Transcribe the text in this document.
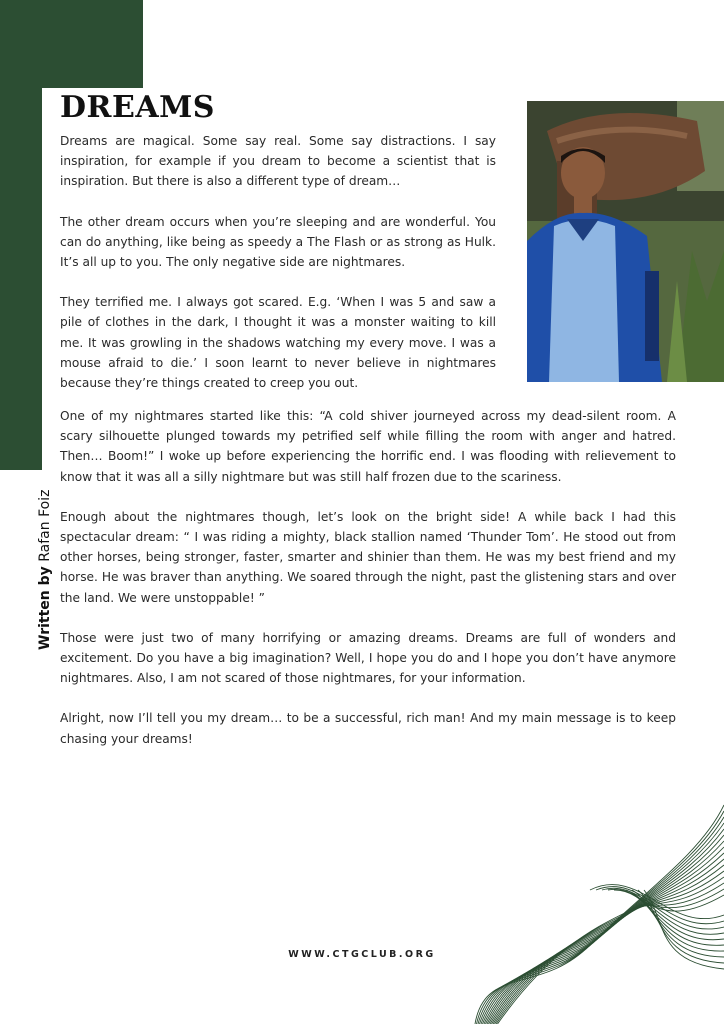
DREAMS

Dreams are magical. Some say real. Some say distractions. I say inspiration, for example if you dream to become a scientist that is inspiration. But there is also a different type of dream…

The other dream occurs when you’re sleeping and are wonderful. You can do anything, like being as speedy a The Flash or as strong as Hulk. It’s all up to you. The only negative side are nightmares.

They terrified me. I always got scared. E.g. ‘When I was 5 and saw a pile of clothes in the dark, I thought it was a monster waiting to kill me. It was growling in the shadows watching my every move. I was a mouse afraid to die.’ I soon learnt to never believe in nightmares because they’re things created to creep you out.

One of my nightmares started like this: “A cold shiver journeyed across my dead-silent room. A scary silhouette plunged towards my petrified self while filling the room with anger and hatred. Then… Boom!” I woke up before experiencing the horrific end. I was flooding with relievement to know that it was all a silly nightmare but was still half frozen due to the scariness.

Enough about the nightmares though, let’s look on the bright side! A while back I had this spectacular dream: “ I was riding a mighty, black stallion named ‘Thunder Tom’. He stood out from other horses, being stronger, faster, smarter and shinier than them. He was my best friend and my horse. He was braver than anything. We soared through the night, past the glistening stars and over the land. We were unstoppable! ”

Those were just two of many horrifying or amazing dreams. Dreams are full of wonders and excitement. Do you have a big imagination? Well, I hope you do and I hope you don’t have anymore nightmares. Also, I am not scared of those nightmares, for your information.

Alright, now I’ll tell you my dream… to be a successful, rich man! And my main message is to keep chasing your dreams!

Written by Rafan Foiz
WWW.CTGCLUB.ORG
